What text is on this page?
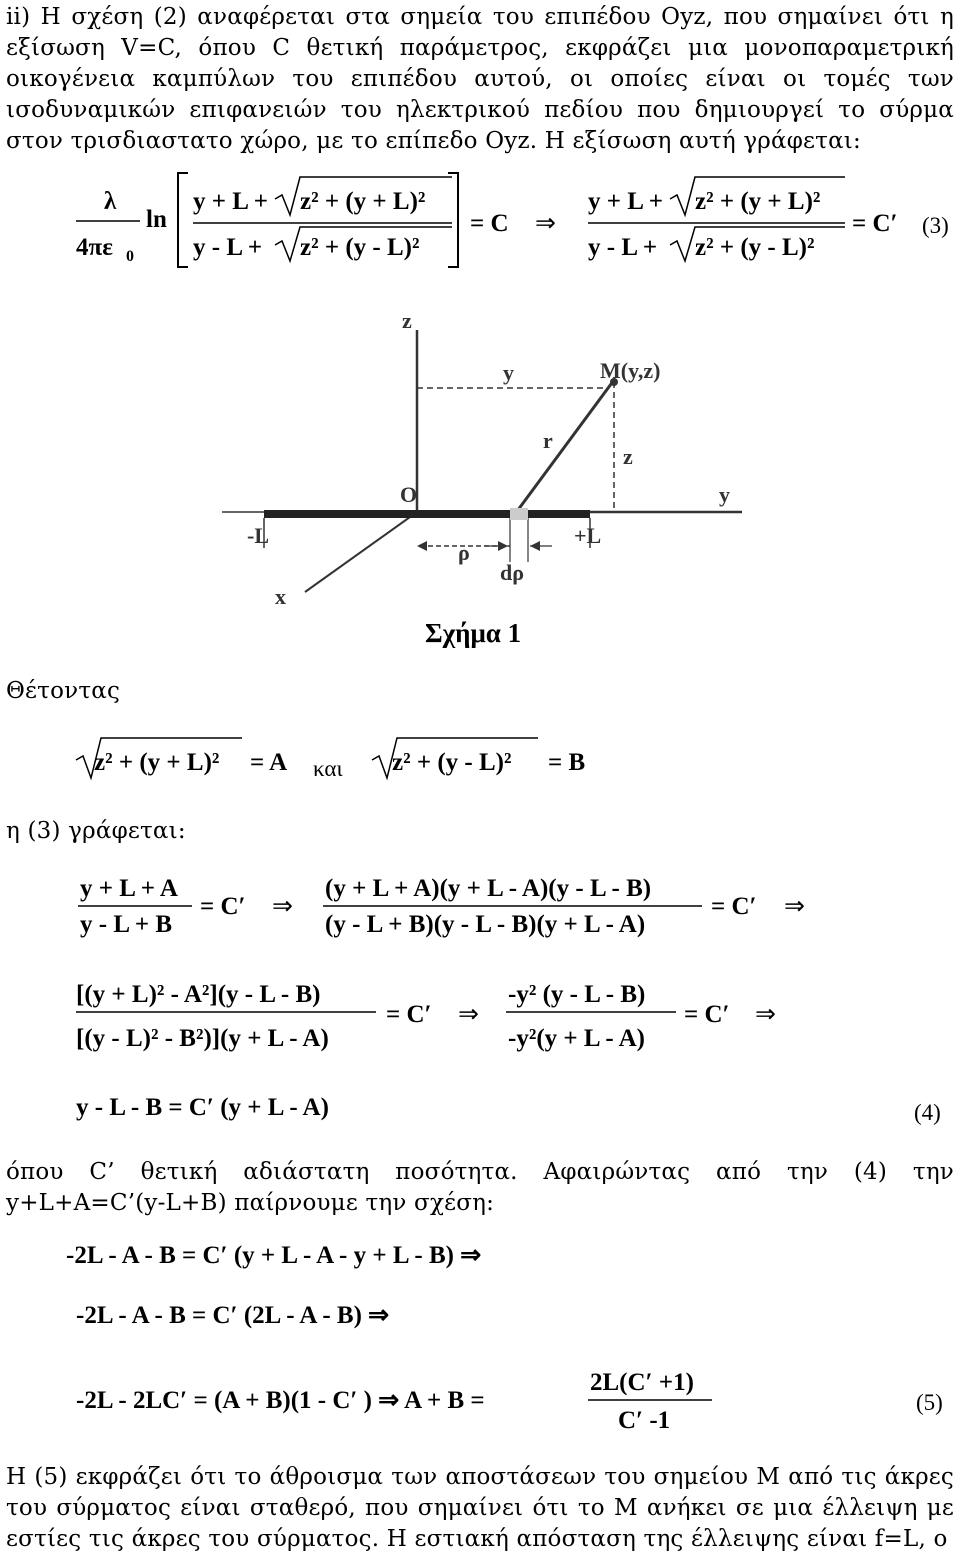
ii) Η σχέση (2) αναφέρεται στα σημεία του επιπέδου Oyz, που σημαίνει ότι η εξίσωση V=C, όπου C θετική παράμετρος, εκφράζει μια μονοπαραμετρική οικογένεια καμπύλων του επιπέδου αυτού, οι οποίες είναι οι τομές των ισοδυναμικών επιφανειών του ηλεκτρικού πεδίου που δημιουργεί το σύρμα στον τρισδιαστατο χώρο, με το επίπεδο Oyz. Η εξίσωση αυτή γράφεται:
λ
4πε 0
ln
y + L + z² + (y + L)²
y - L + z² + (y - L)²
= C ⇒
y + L + z² + (y + L)²
y - L + z² + (y - L)²
= C′ (3)
z
y	M(y,z)
r
z
O	y
-L	+L
ρ
dρ
x
Σχήμα 1
Θέτοντας
z² + (y + L)² = A	z² + (y - L)² = B
και
η (3) γράφεται:
y + L + A
y - L + B
= C′ ⇒
(y + L + A)(y + L - A)(y - L - B)
(y - L + B)(y - L - B)(y + L - A)
= C′ ⇒
[(y + L)² - A²](y - L - B)
[(y - L)² - B²)](y + L - A)
= C′ ⇒
-y² (y - L - B)
-y²(y + L - A)
= C′ ⇒
y - L - B = C′ (y + L - A)	(4)
όπου C’ θετική αδιάστατη ποσότητα. Αφαιρώντας από την (4) την y+L+A=C’(y-L+B) παίρνουμε την σχέση:
-2L - A - B = C′ (y + L - A - y + L - B) ⇒
-2L - A - B = C′ (2L - A - B) ⇒
-2L - 2LC′ = (A + B)(1 - C′ ) ⇒ A + B =
2L(C′ +1)
C′ -1
(5)
Η (5) εκφράζει ότι το άθροισμα των αποστάσεων του σημείου M από τις άκρες του σύρματος είναι σταθερό, που σημαίνει ότι το M ανήκει σε μια έλλειψη με εστίες τις άκρες του σύρματος. Η εστιακή απόσταση της έλλειψης είναι f=L, ο
